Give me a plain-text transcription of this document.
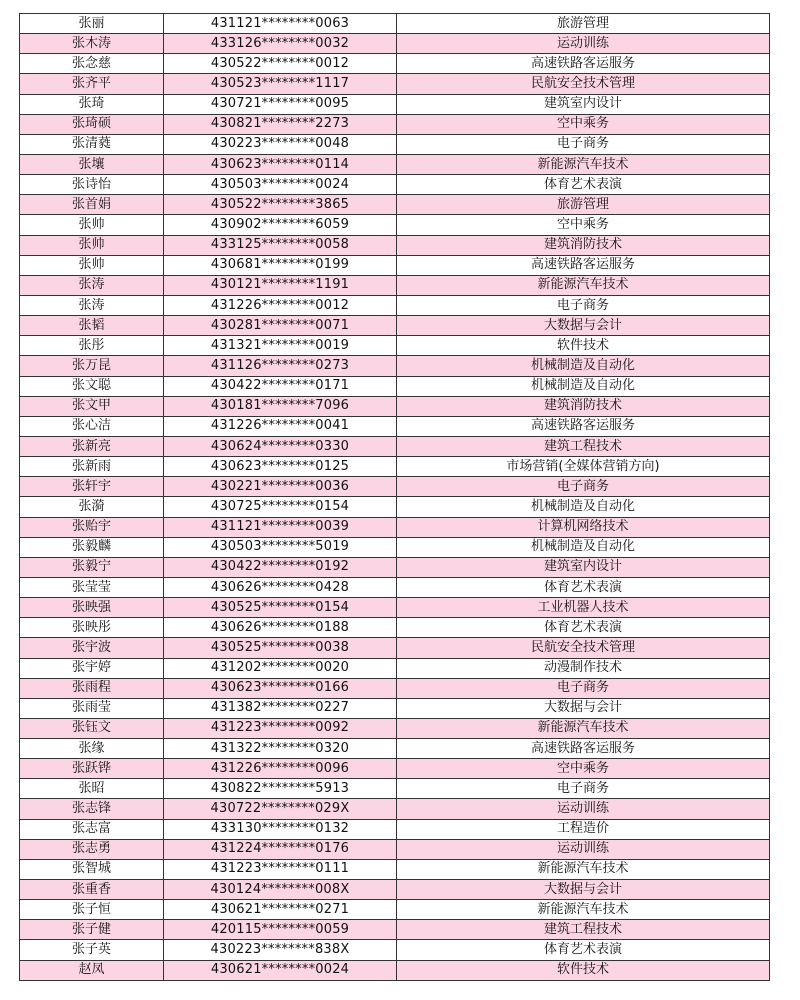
张丽	431121********0063	旅游管理
张木涛	433126********0032	运动训练
张念慈	430522********0012	高速铁路客运服务
张齐平	430523********1117	民航安全技术管理
张琦	430721********0095	建筑室内设计
张琦硕	430821********2273	空中乘务
张清蕤	430223********0048	电子商务
张壤	430623********0114	新能源汽车技术
张诗怡	430503********0024	体育艺术表演
张首娟	430522********3865	旅游管理
张帅	430902********6059	空中乘务
张帅	433125********0058	建筑消防技术
张帅	430681********0199	高速铁路客运服务
张涛	430121********1191	新能源汽车技术
张涛	431226********0012	电子商务
张韬	430281********0071	大数据与会计
张彤	431321********0019	软件技术
张万昆	431126********0273	机械制造及自动化
张文聪	430422********0171	机械制造及自动化
张文甲	430181********7096	建筑消防技术
张心洁	431226********0041	高速铁路客运服务
张新亮	430624********0330	建筑工程技术
张新雨	430623********0125	市场营销(全媒体营销方向)
张轩宇	430221********0036	电子商务
张漪	430725********0154	机械制造及自动化
张贻宇	431121********0039	计算机网络技术
张毅麟	430503********5019	机械制造及自动化
张毅宁	430422********0192	建筑室内设计
张莹莹	430626********0428	体育艺术表演
张映强	430525********0154	工业机器人技术
张映彤	430626********0188	体育艺术表演
张宇波	430525********0038	民航安全技术管理
张宇婷	431202********0020	动漫制作技术
张雨程	430623********0166	电子商务
张雨莹	431382********0227	大数据与会计
张钰文	431223********0092	新能源汽车技术
张缘	431322********0320	高速铁路客运服务
张跃铧	431226********0096	空中乘务
张昭	430822********5913	电子商务
张志锋	430722********029X	运动训练
张志富	433130********0132	工程造价
张志勇	431224********0176	运动训练
张智城	431223********0111	新能源汽车技术
张重香	430124********008X	大数据与会计
张子恒	430621********0271	新能源汽车技术
张子健	420115********0059	建筑工程技术
张子英	430223********838X	体育艺术表演
赵凤	430621********0024	软件技术
